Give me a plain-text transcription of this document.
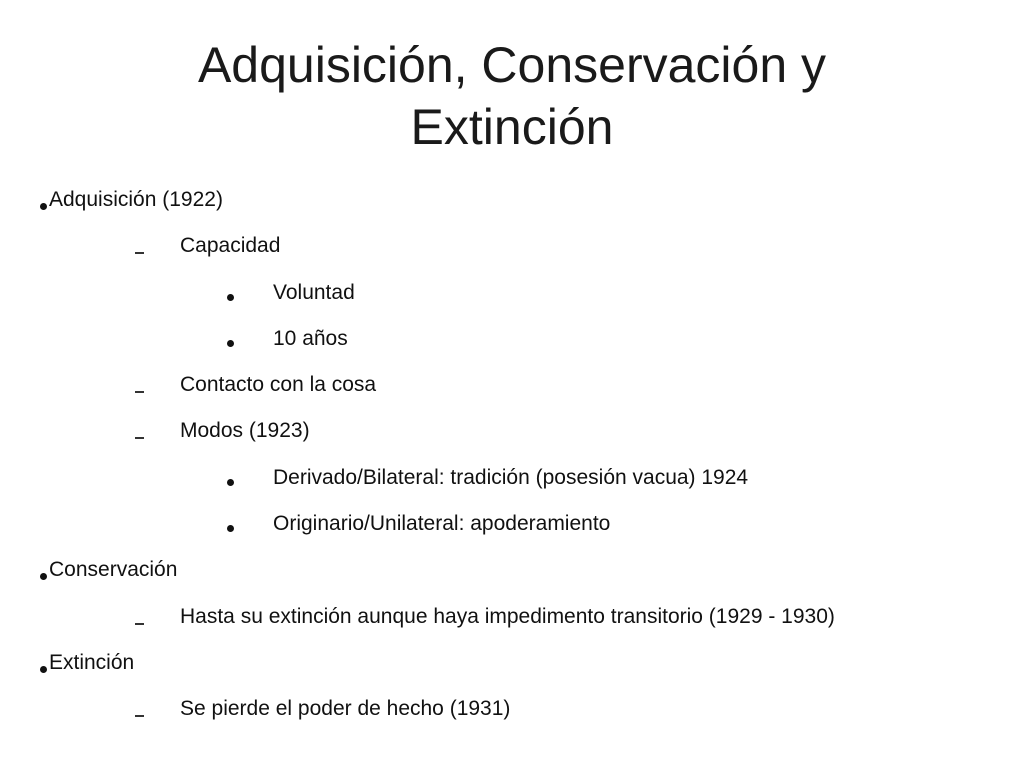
Adquisición, Conservación y
Extinción
Adquisición (1922)
Capacidad
Voluntad
10 años
Contacto con la cosa
Modos (1923)
Derivado/Bilateral: tradición (posesión vacua) 1924
Originario/Unilateral: apoderamiento
Conservación
Hasta su extinción aunque haya impedimento transitorio (1929 - 1930)
Extinción
Se pierde el poder de hecho (1931)
